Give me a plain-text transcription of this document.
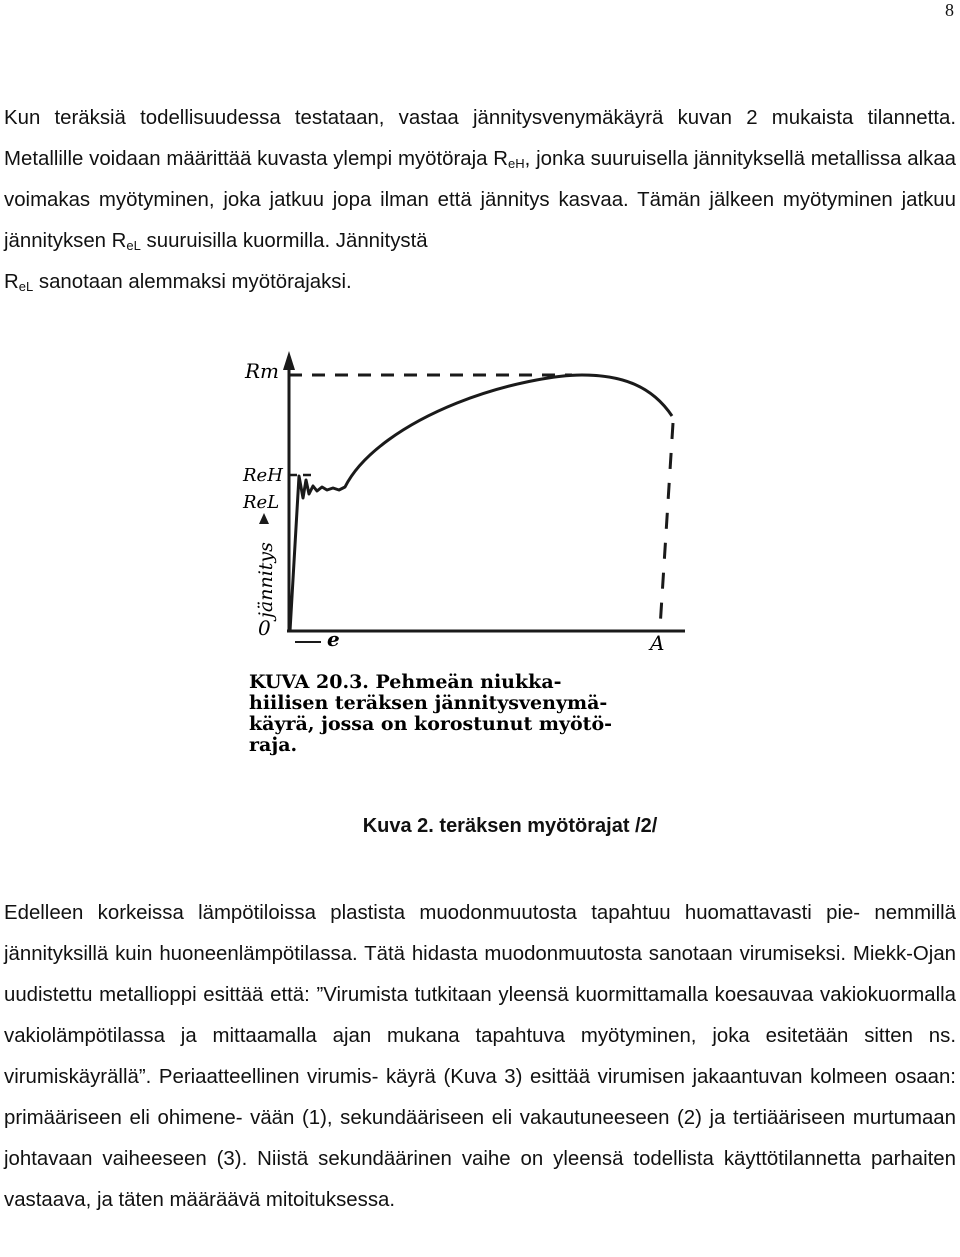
8

Kun teräksiä todellisuudessa testataan, vastaa jännitysvenymäkäyrä kuvan 2 mukaista tilannetta. Metallille voidaan määrittää kuvasta ylempi myötöraja $R_{eH}$, jonka suuruisella jännityksellä metallissa alkaa voimakas myötyminen, joka jatkuu jopa ilman että jännitys kasvaa. Tämän jälkeen myötyminen jatkuu jännityksen $R_{eL}$ suuruisilla kuormilla. Jännitystä
$R_{eL}$ sanotaan alemmaksi myötörajaksi.

Rm
ReH
ReL
jännitys
0	e	A
KUVA 20.3. Pehmeän niukka-
hiilisen teräksen jännitysvenymä-
käyrä, jossa on korostunut myötö-
raja.
Kuva 2. teräksen myötörajat /2/

Edelleen korkeissa lämpötiloissa plastista muodonmuutosta tapahtuu huomattavasti pie- nemmillä jännityksillä kuin huoneenlämpötilassa. Tätä hidasta muodonmuutosta sanotaan virumiseksi. Miekk-Ojan uudistettu metallioppi esittää että: ”Virumista tutkitaan yleensä kuormittamalla koesauvaa vakiokuormalla vakiolämpötilassa ja mittaamalla ajan mukana tapahtuva myötyminen, joka esitetään sitten ns. virumiskäyrällä”. Periaatteellinen virumis- käyrä (Kuva 3) esittää virumisen jakaantuvan kolmeen osaan: primääriseen eli ohimene- vään (1), sekundääriseen eli vakautuneeseen (2) ja tertiääriseen murtumaan johtavaan vaiheeseen (3). Niistä sekundäärinen vaihe on yleensä todellista käyttötilannetta parhaiten vastaava, ja täten määräävä mitoituksessa.
